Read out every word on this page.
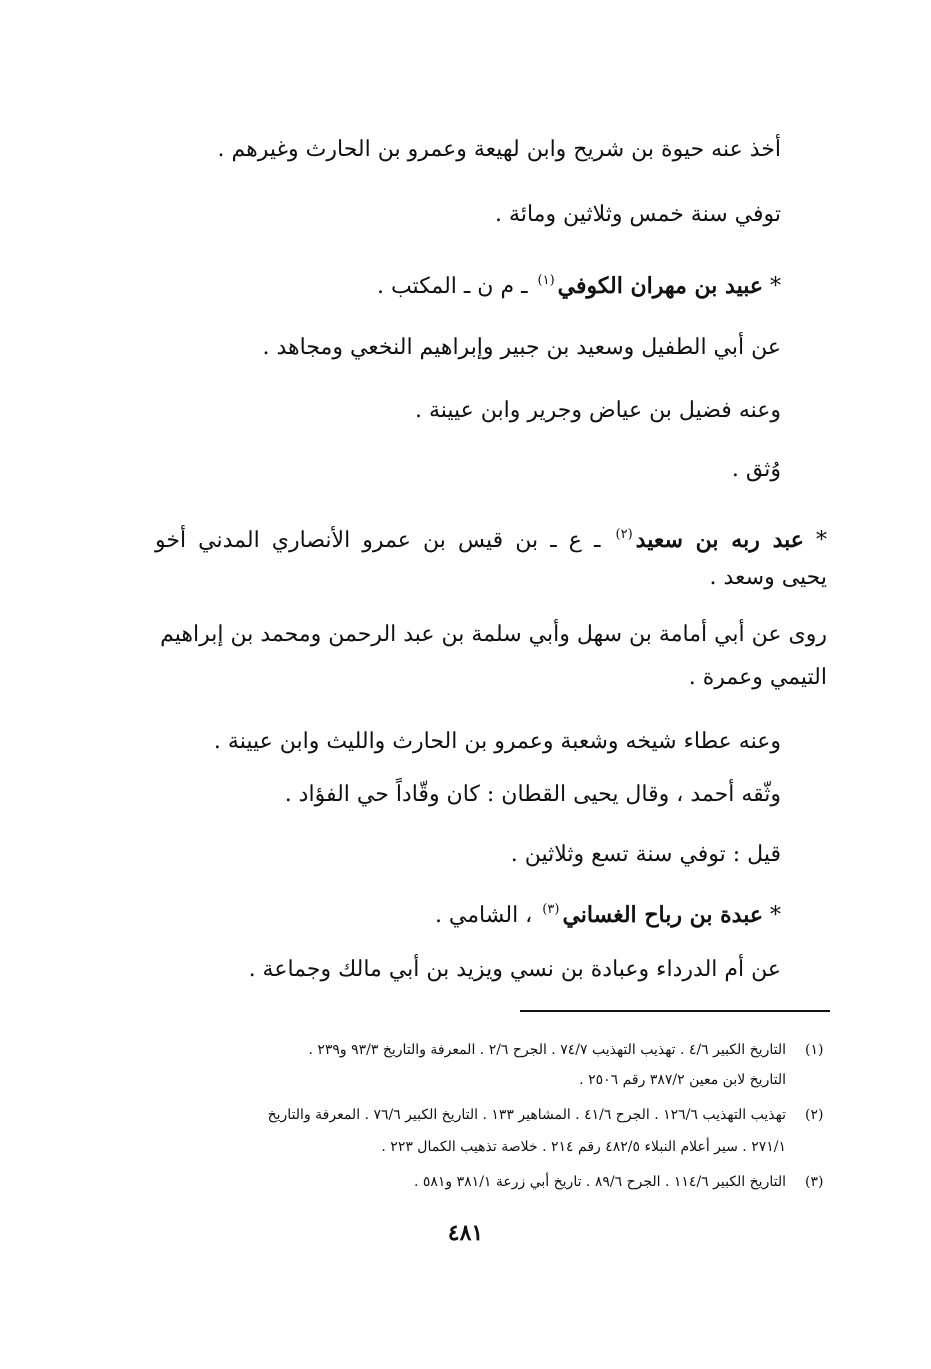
أخذ عنه حيوة بن شريح وابن لهيعة وعمرو بن الحارث وغيرهم .
توفي سنة خمس وثلاثين ومائة .
* عبيد بن مهران الكوفي$^{(١)}$ ـ م ن ـ المكتب .
عن أبي الطفيل وسعيد بن جبير وإبراهيم النخعي ومجاهد .
وعنه فضيل بن عياض وجرير وابن عيينة .
وُثق .
* عبد ربه بن سعيد$^{(٢)}$ ـ ع ـ بن قيس بن عمرو الأنصاري المدني أخو
يحيى وسعد .
روى عن أبي أمامة بن سهل وأبي سلمة بن عبد الرحمن ومحمد بن إبراهيم
التيمي وعمرة .
وعنه عطاء شيخه وشعبة وعمرو بن الحارث والليث وابن عيينة .
وثّقه أحمد ، وقال يحيى القطان : كان وقّاداً حي الفؤاد .
قيل : توفي سنة تسع وثلاثين .
* عبدة بن رباح الغساني$^{(٣)}$ ، الشامي .
عن أم الدرداء وعبادة بن نسي ويزيد بن أبي مالك وجماعة .
(١)
التاريخ الكبير ٤/٦ . تهذيب التهذيب ٧٤/٧ . الجرح ٢/٦ . المعرفة والتاريخ ٩٣/٣ و٢٣٩ .
التاريخ لابن معين ٣٨٧/٢ رقم ٢٥٠٦ .
(٢)
تهذيب التهذيب ١٢٦/٦ . الجرح ٤١/٦ . المشاهير ١٣٣ . التاريخ الكبير ٧٦/٦ . المعرفة والتاريخ
٢٧١/١ . سير أعلام النبلاء ٤٨٢/٥ رقم ٢١٤ . خلاصة تذهيب الكمال ٢٢٣ .
(٣)
التاريخ الكبير ١١٤/٦ . الجرح ٨٩/٦ . تاريخ أبي زرعة ٣٨١/١ و٥٨١ .
٤٨١
